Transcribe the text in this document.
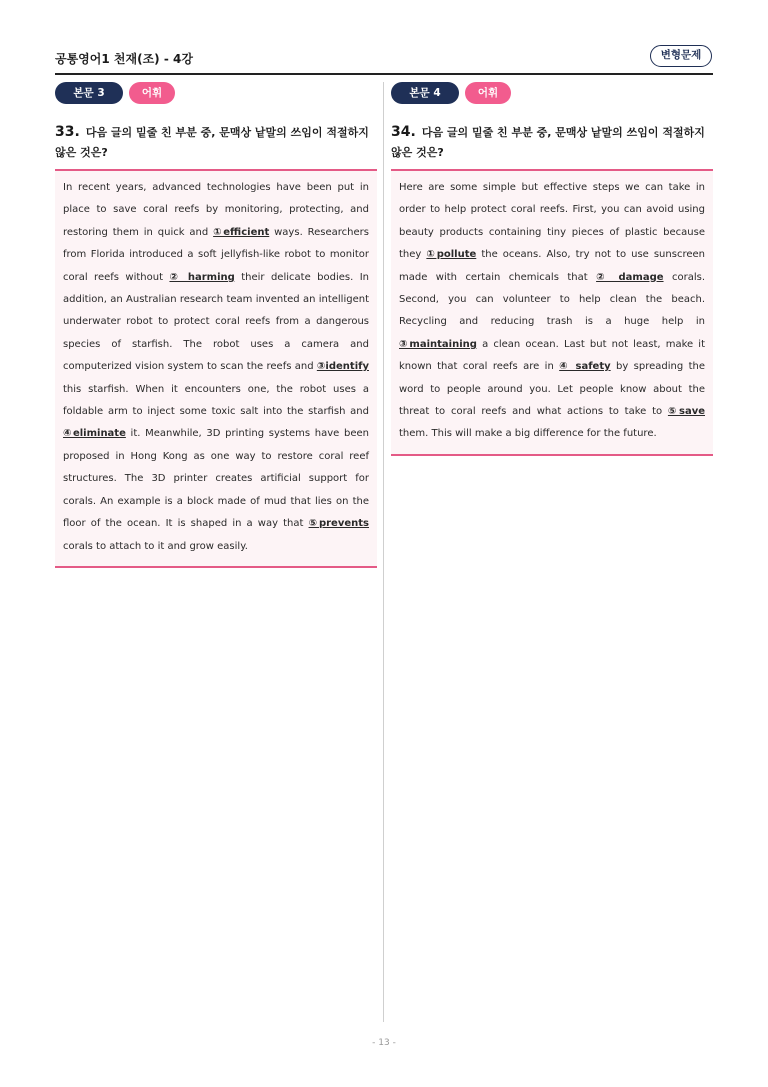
공통영어1 천재(조) - 4강	변형문제
본문 3	어휘
33. 다음 글의 밑줄 친 부분 중, 문맥상 낱말의 쓰임이 적절하지 않은 것은?
In recent years, advanced technologies have been put in place to save coral reefs by monitoring, protecting, and restoring them in quick and ①efficient ways. Researchers from Florida introduced a soft jellyfish-like robot to monitor coral reefs without ② harming their delicate bodies. In addition, an Australian research team invented an intelligent underwater robot to protect coral reefs from a dangerous species of starfish. The robot uses a camera and computerized vision system to scan the reefs and ③identify this starfish. When it encounters one, the robot uses a foldable arm to inject some toxic salt into the starfish and ④eliminate it. Meanwhile, 3D printing systems have been proposed in Hong Kong as one way to restore coral reef structures. The 3D printer creates artificial support for corals. An example is a block made of mud that lies on the floor of the ocean. It is shaped in a way that ⑤prevents corals to attach to it and grow easily.
본문 4	어휘
34. 다음 글의 밑줄 친 부분 중, 문맥상 낱말의 쓰임이 적절하지 않은 것은?
Here are some simple but effective steps we can take in order to help protect coral reefs. First, you can avoid using beauty products containing tiny pieces of plastic because they ①pollute the oceans. Also, try not to use sunscreen made with certain chemicals that ② damage corals. Second, you can volunteer to help clean the beach. Recycling and reducing trash is a huge help in ③maintaining a clean ocean. Last but not least, make it known that coral reefs are in ④ safety by spreading the word to people around you. Let people know about the threat to coral reefs and what actions to take to ⑤save them. This will make a big difference for the future.
- 13 -
